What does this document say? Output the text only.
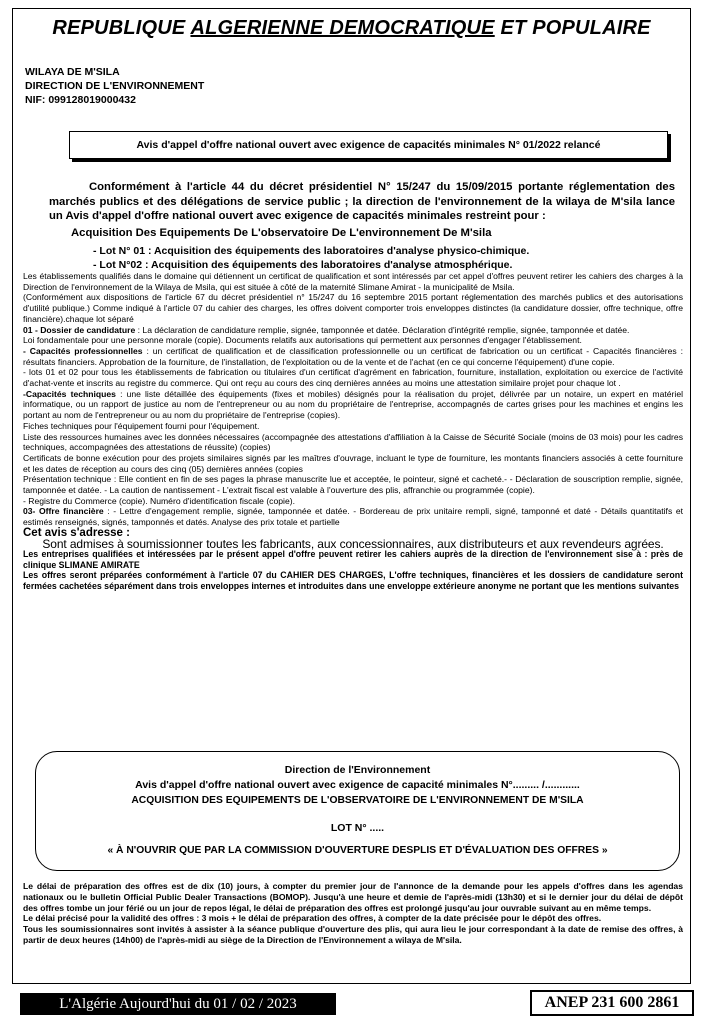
REPUBLIQUE ALGERIENNE DEMOCRATIQUE ET POPULAIRE
WILAYA DE M'SILA
DIRECTION DE L'ENVIRONNEMENT
NIF: 099128019000432
Avis d'appel d'offre national ouvert avec exigence de capacités minimales N° 01/2022 relancé
Conformément à l'article 44 du décret présidentiel N° 15/247 du 15/09/2015 portante réglementation des marchés publics et des délégations de service public ; la direction de l'environnement de la wilaya de M'sila lance un Avis d'appel d'offre national ouvert avec exigence de capacités minimales restreint pour :
Acquisition Des Equipements De L'observatoire De L'environnement De M'sila
- Lot N° 01 : Acquisition des équipements des laboratoires d'analyse physico-chimique.
- Lot N°02 : Acquisition des équipements des laboratoires d'analyse atmosphérique.

Les établissements qualifiés dans le domaine qui détiennent un certificat de qualification et sont intéressés par cet appel d'offres peuvent retirer les cahiers des charges à la Direction de l'environnement de la Wilaya de Msila, qui est située à côté de la maternité Slimane Amirat - la municipalité de Msila.

(Conformément aux dispositions de l'article 67 du décret présidentiel n° 15/247 du 16 septembre 2015 portant réglementation des marchés publics et des autorisations d'utilité publique.) Comme indiqué à l'article 07 du cahier des charges, les offres doivent comporter trois enveloppes distinctes (la candidature dossier, offre technique, offre financière).chaque lot séparé

01 - Dossier de candidature : La déclaration de candidature remplie, signée, tamponnée et datée. Déclaration d'intégrité remplie, signée, tamponnée et datée.

Loi fondamentale pour une personne morale (copie). Documents relatifs aux autorisations qui permettent aux personnes d'engager l'établissement.

- Capacités professionnelles : un certificat de qualification et de classification professionnelle ou un certificat de fabrication ou un certificat - Capacités financières : résultats financiers. Approbation de la fourniture, de l'installation, de l'exploitation ou de la vente et de l'achat (en ce qui concerne l'équipement) d'une copie.

- lots 01 et 02 pour tous les établissements de fabrication ou titulaires d'un certificat d'agrément en fabrication, fourniture, installation, exploitation ou exercice de l'activité d'achat-vente et inscrits au registre du commerce. Qui ont reçu au cours des cinq dernières années au moins une attestation similaire projet pour chaque lot .

-Capacités techniques : une liste détaillée des équipements (fixes et mobiles) désignés pour la réalisation du projet, délivrée par un notaire, un expert en matériel informatique, ou un rapport de justice au nom de l'entrepreneur ou au nom du propriétaire de l'entreprise, accompagnés de cartes grises pour les machines et engins les portant au nom de l'entrepreneur ou au nom du propriétaire de l'entreprise (copies).

Fiches techniques pour l'équipement fourni pour l'équipement.

Liste des ressources humaines avec les données nécessaires (accompagnée des attestations d'affiliation à la Caisse de Sécurité Sociale (moins de 03 mois) pour les cadres techniques, accompagnées des attestations de réussite) (copies)

Certificats de bonne exécution pour des projets similaires signés par les maîtres d'ouvrage, incluant le type de fourniture, les montants financiers associés à cette fourniture et les dates de réception au cours des cinq (05) dernières années (copies

Présentation technique : Elle contient en fin de ses pages la phrase manuscrite lue et acceptée, le pointeur, signé et cacheté.- - Déclaration de souscription remplie, signée, tamponnée et datée. - La caution de nantissement - L'extrait fiscal est valable à l'ouverture des plis, affranchie ou programmée (copie).

- Registre du Commerce (copie). Numéro d'identification fiscale (copie).

03- Offre financière : - Lettre d'engagement remplie, signée, tamponnée et datée. - Bordereau de prix unitaire rempli, signé, tamponné et daté - Détails quantitatifs et estimés renseignés, signés, tamponnés et datés. Analyse des prix totale et partielle

Cet avis s'adresse :

Sont admises à soumissionner toutes les fabricants, aux concessionnaires, aux distributeurs et aux revendeurs agrées.

Les entreprises qualifiées et intéressées par le présent appel d'offre peuvent retirer les cahiers auprès de la direction de l'environnement sise à : près de clinique SLIMANE AMIRATE

Les offres seront préparées conformément à l'article 07 du CAHIER DES CHARGES, L'offre techniques, financières et les dossiers de candidature seront fermées cachetées séparément dans trois enveloppes internes et introduites dans une enveloppe extérieure anonyme ne portant que les mentions suivantes

Direction de l'Environnement
Avis d'appel d'offre national ouvert avec exigence de capacité minimales N°......... /............
ACQUISITION DES EQUIPEMENTS DE L'OBSERVATOIRE DE L'ENVIRONNEMENT DE M'SILA
LOT N° .....
« À N'OUVRIR QUE PAR LA COMMISSION D'OUVERTURE DESPLIS ET D'ÉVALUATION DES OFFRES »

Le délai de préparation des offres est de dix (10) jours, à compter du premier jour de l'annonce de la demande pour les appels d'offres dans les agendas nationaux ou le bulletin Official Public Dealer Transactions (BOMOP). Jusqu'à une heure et demie de l'après-midi (13h30) et si le dernier jour du délai de dépôt des offres tombe un jour férié ou un jour de repos légal, le délai de préparation des offres est prolongé jusqu'au jour ouvrable suivant au en même temps.

Le délai précisé pour la validité des offres : 3 mois + le délai de préparation des offres, à compter de la date précisée pour le dépôt des offres.

Tous les soumissionnaires sont invités à assister à la séance publique d'ouverture des plis, qui aura lieu le jour correspondant à la date de remise des offres, à partir de deux heures (14h00) de l'après-midi au siège de la Direction de l'Environnement a wilaya de M'sila.

L'Algérie Aujourd'hui du 01 / 02 / 2023	ANEP 231 600 2861
